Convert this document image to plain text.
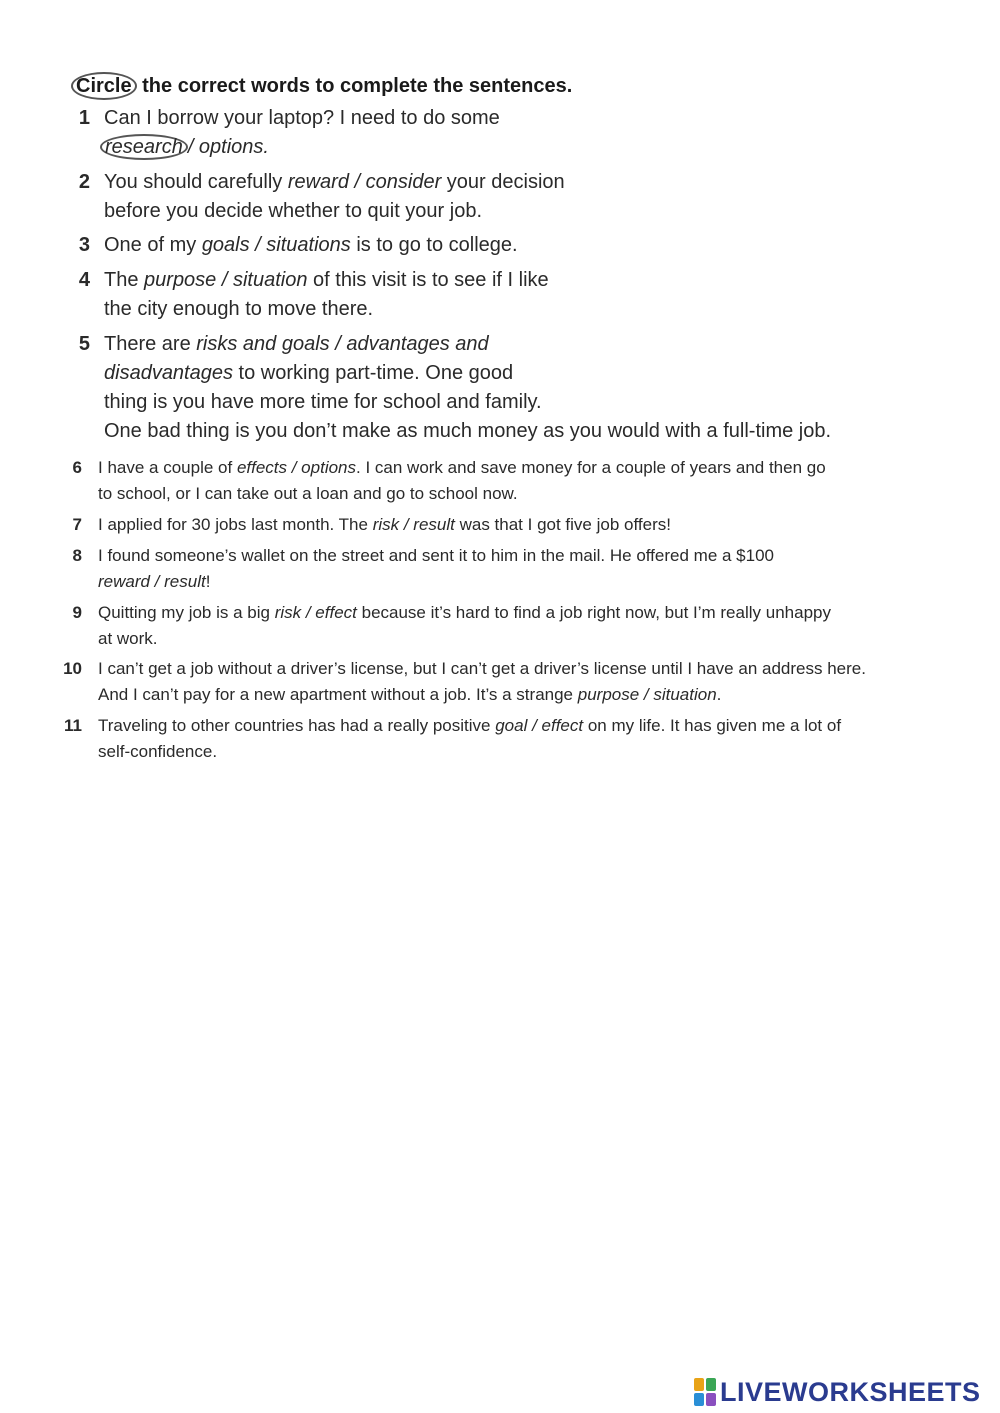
Circle the correct words to complete the sentences.
1 Can I borrow your laptop? I need to do some
research / options.
2 You should carefully reward / consider your decision
before you decide whether to quit your job.
3 One of my goals / situations is to go to college.
4 The purpose / situation of this visit is to see if I like
the city enough to move there.
5 There are risks and goals / advantages and
disadvantages to working part-time. One good
thing is you have more time for school and family.
One bad thing is you don’t make as much money as you would with a full-time job.
6 I have a couple of effects / options. I can work and save money for a couple of years and then go
to school, or I can take out a loan and go to school now.
7 I applied for 30 jobs last month. The risk / result was that I got five job offers!
8 I found someone’s wallet on the street and sent it to him in the mail. He offered me a $100
reward / result!
9 Quitting my job is a big risk / effect because it’s hard to find a job right now, but I’m really unhappy
at work.
10 I can’t get a job without a driver’s license, but I can’t get a driver’s license until I have an address here.
And I can’t pay for a new apartment without a job. It’s a strange purpose / situation.
11 Traveling to other countries has had a really positive goal / effect on my life. It has given me a lot of
self-confidence.
LIVEWORKSHEETS
